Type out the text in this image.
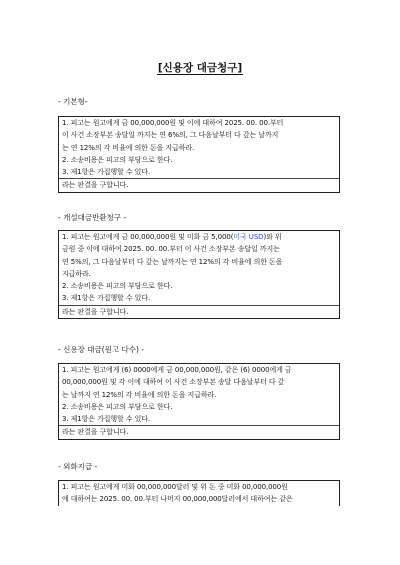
[신용장 대금청구]
- 기본형-
1. 피고는 원고에게 금 00,000,000원 및 이에 대하여 2025. 00. 00.부터
이 사건 소장부본 송달일 까지는 연 6%의, 그 다음날부터 다 갚는 날까지
는 연 12%의 각 비율에 의한 돈을 지급하라.
2. 소송비용은 피고의 부담으로 한다.
3. 제1항은 가집행할 수 있다.
라는 판결을 구합니다.
- 개설대금반환청구 -
1. 피고는 원고에게 금 00,000,000원 및 미화 금 5,000(미국 USD)와 위
금원 중 이에 대하여 2025. 00. 00.부터 이 사건 소장부본 송달일 까지는
연 5%의, 그 다음날부터 다 갚는 날까지는 연 12%의 각 비율에 의한 돈을
지급하라.
2. 소송비용은 피고의 부담으로 한다.
3. 제1항은 가집행할 수 있다.
라는 판결을 구합니다.
- 신용장 대금(원고 다수) -
1. 피고는 원고에게 (6) 0000에게 금 00,000,000원, 같은 (6) 0000에게 금
00,000,000원 및 각 이에 대하여 이 사건 소장부본 송달 다음날부터 다 갚
는 날까지 연 12%의 각 비율에 의한 돈을 지급하라.
2. 소송비용은 피고의 부담으로 한다.
3. 제1항은 가집행할 수 있다.
라는 판결을 구합니다.
- 외화지급 -
1. 피고는 원고에게 미화 00,000,000달러 및 위 돈 중 미화 00,000,000원
에 대하여는 2025. 00. 00.부터 나머지 00,000,000달러에서 대하여는 같은
